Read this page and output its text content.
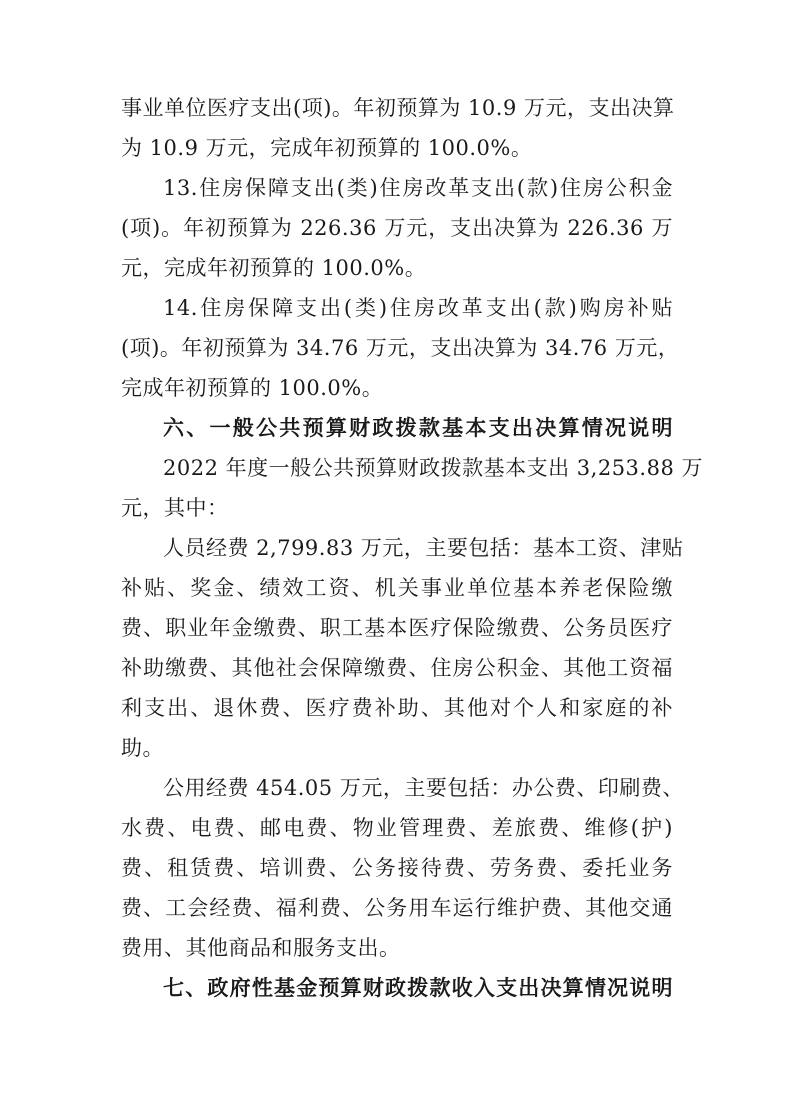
事业单位医疗支出(项)。年初预算为 10.9 万元，支出决算
为 10.9 万元，完成年初预算的 100.0%。
13.住房保障支出(类)住房改革支出(款)住房公积金
(项)。年初预算为 226.36 万元，支出决算为 226.36 万
元，完成年初预算的 100.0%。
14.住房保障支出(类)住房改革支出(款)购房补贴
(项)。年初预算为 34.76 万元，支出决算为 34.76 万元，
完成年初预算的 100.0%。
六、一般公共预算财政拨款基本支出决算情况说明
2022 年度一般公共预算财政拨款基本支出 3,253.88 万
元，其中：
人员经费 2,799.83 万元，主要包括：基本工资、津贴
补贴、奖金、绩效工资、机关事业单位基本养老保险缴
费、职业年金缴费、职工基本医疗保险缴费、公务员医疗
补助缴费、其他社会保障缴费、住房公积金、其他工资福
利支出、退休费、医疗费补助、其他对个人和家庭的补
助。
公用经费 454.05 万元，主要包括：办公费、印刷费、
水费、电费、邮电费、物业管理费、差旅费、维修(护)
费、租赁费、培训费、公务接待费、劳务费、委托业务
费、工会经费、福利费、公务用车运行维护费、其他交通
费用、其他商品和服务支出。
七、政府性基金预算财政拨款收入支出决算情况说明
